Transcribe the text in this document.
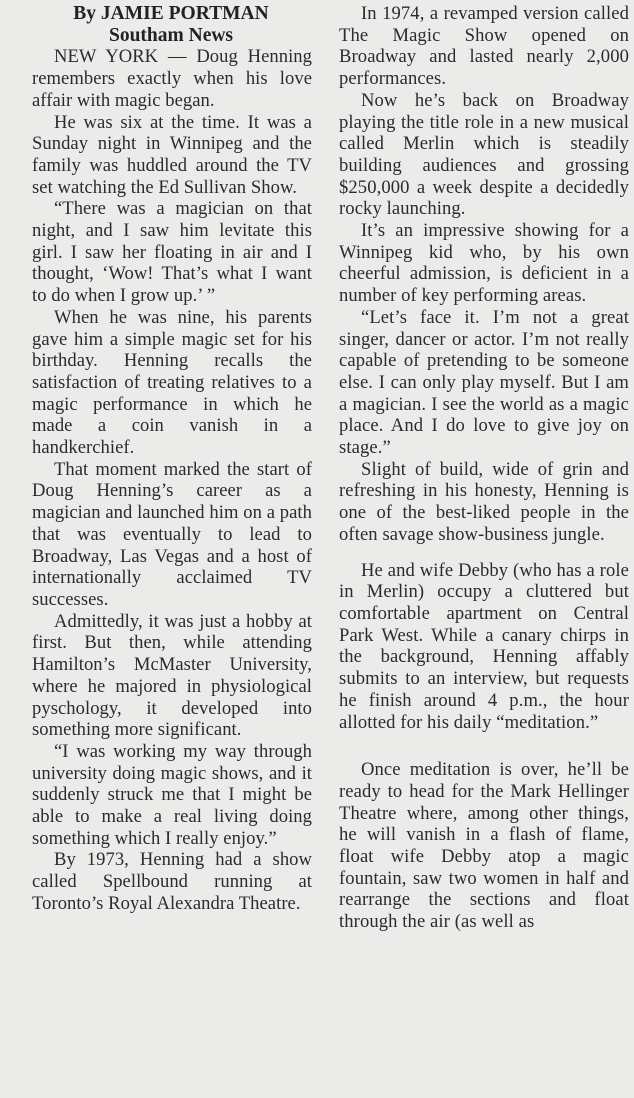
By JAMIE PORTMAN
Southam News

NEW YORK — Doug Henning remembers exactly when his love affair with magic began.

He was six at the time. It was a Sunday night in Winnipeg and the family was huddled around the TV set watching the Ed Sullivan Show.

“There was a magician on that night, and I saw him levitate this girl. I saw her floating in air and I thought, ‘Wow! That’s what I want to do when I grow up.’ ”

When he was nine, his parents gave him a simple magic set for his birthday. Henning recalls the satisfaction of treating relatives to a magic performance in which he made a coin vanish in a handkerchief.

That moment marked the start of Doug Henning’s career as a magician and launched him on a path that was eventually to lead to Broadway, Las Vegas and a host of internationally acclaimed TV successes.

Admittedly, it was just a hobby at first. But then, while attending Hamilton’s McMaster University, where he majored in physiological pyschology, it developed into something more significant.

“I was working my way through university doing magic shows, and it suddenly struck me that I might be able to make a real living doing something which I really enjoy.”

By 1973, Henning had a show called Spellbound running at Toronto’s Royal Alexandra Theatre.

In 1974, a revamped version called The Magic Show opened on Broadway and lasted nearly 2,000 performances.

Now he’s back on Broadway playing the title role in a new musical called Merlin which is steadily building audiences and grossing $250,000 a week despite a decidedly rocky launching.

It’s an impressive showing for a Winnipeg kid who, by his own cheerful admission, is deficient in a number of key performing areas.

“Let’s face it. I’m not a great singer, dancer or actor. I’m not really capable of pretending to be someone else. I can only play myself. But I am a magician. I see the world as a magic place. And I do love to give joy on stage.”

Slight of build, wide of grin and refreshing in his honesty, Henning is one of the best-liked people in the often savage show-business jungle.

He and wife Debby (who has a role in Merlin) occupy a cluttered but comfortable apartment on Central Park West. While a canary chirps in the background, Henning affably submits to an interview, but requests he finish around 4 p.m., the hour allotted for his daily “meditation.”

Once meditation is over, he’ll be ready to head for the Mark Hellinger Theatre where, among other things, he will vanish in a flash of flame, float wife Debby atop a magic fountain, saw two women in half and rearrange the sections and float through the air (as well as
